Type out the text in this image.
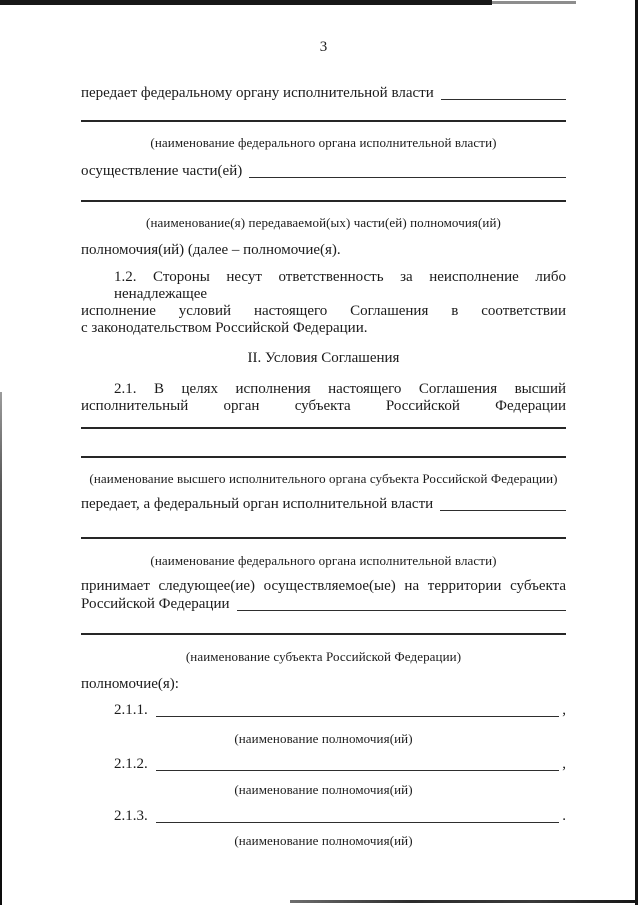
3
передает федеральному органу исполнительной власти
(наименование федерального органа исполнительной власти)
осуществление части(ей)
(наименование(я) передаваемой(ых) части(ей) полномочия(ий)
полномочия(ий) (далее – полномочие(я).
1.2. Стороны несут ответственность за неисполнение либо ненадлежащее
исполнение условий настоящего Соглашения в соответствии
с законодательством Российской Федерации.
II. Условия Соглашения
2.1. В целях исполнения настоящего Соглашения высший
исполнительный орган субъекта Российской Федерации
(наименование высшего исполнительного органа субъекта Российской Федерации)
передает, а федеральный орган исполнительной власти
(наименование федерального органа исполнительной власти)
принимает следующее(ие) осуществляемое(ые) на территории субъекта
Российской Федерации
(наименование субъекта Российской Федерации)
полномочие(я):
2.1.1.	,
(наименование полномочия(ий)
2.1.2.	,
(наименование полномочия(ий)
2.1.3.	.
(наименование полномочия(ий)
